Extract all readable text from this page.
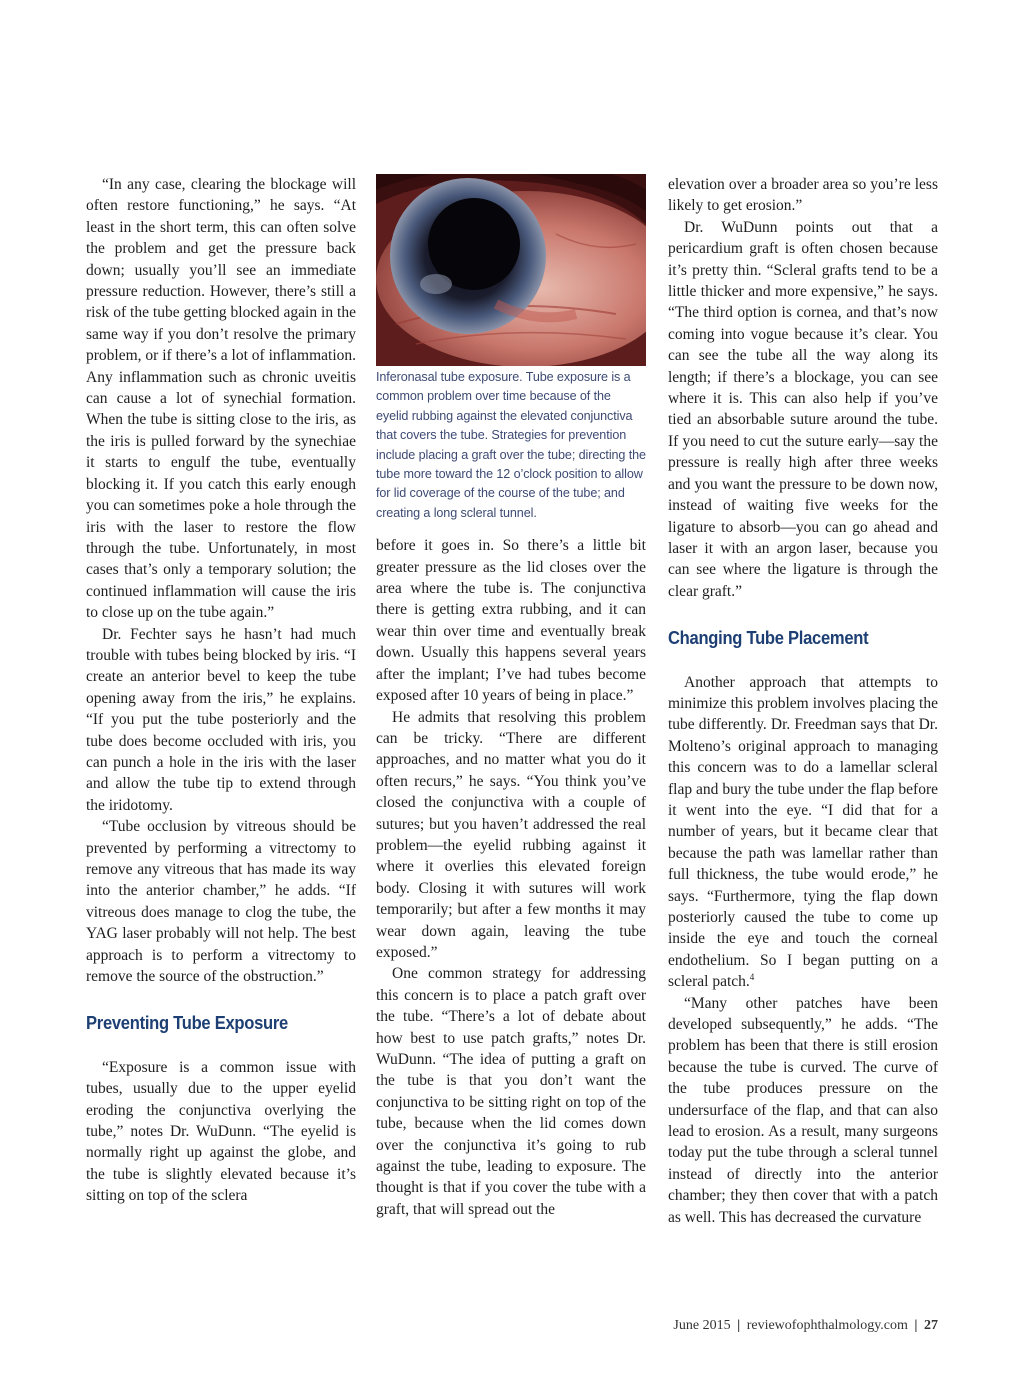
“In any case, clearing the blockage will often restore functioning,” he says. “At least in the short term, this can often solve the problem and get the pressure back down; usually you’ll see an immediate pressure reduction. However, there’s still a risk of the tube getting blocked again in the same way if you don’t resolve the primary problem, or if there’s a lot of inflammation. Any inflammation such as chronic uveitis can cause a lot of synechial formation. When the tube is sitting close to the iris, as the iris is pulled forward by the synechiae it starts to engulf the tube, eventually blocking it. If you catch this early enough you can sometimes poke a hole through the iris with the laser to restore the flow through the tube. Unfortunately, in most cases that’s only a temporary solution; the continued inflammation will cause the iris to close up on the tube again.”

Dr. Fechter says he hasn’t had much trouble with tubes being blocked by iris. “I create an anterior bevel to keep the tube opening away from the iris,” he explains. “If you put the tube posteriorly and the tube does become occluded with iris, you can punch a hole in the iris with the laser and allow the tube tip to extend through the iridotomy.

“Tube occlusion by vitreous should be prevented by performing a vitrectomy to remove any vitreous that has made its way into the anterior chamber,” he adds. “If vitreous does manage to clog the tube, the YAG laser probably will not help. The best approach is to perform a vitrectomy to remove the source of the obstruction.”

Preventing Tube Exposure

“Exposure is a common issue with tubes, usually due to the upper eyelid eroding the conjunctiva overlying the tube,” notes Dr. WuDunn. “The eyelid is normally right up against the globe, and the tube is slightly elevated because it’s sitting on top of the sclera

Inferonasal tube exposure. Tube exposure is a common problem over time because of the eyelid rubbing against the elevated conjunctiva that covers the tube. Strategies for prevention include placing a graft over the tube; directing the tube more toward the 12 o’clock position to allow for lid coverage of the course of the tube; and creating a long scleral tunnel.

before it goes in. So there’s a little bit greater pressure as the lid closes over the area where the tube is. The conjunctiva there is getting extra rubbing, and it can wear thin over time and eventually break down. Usually this happens several years after the implant; I’ve had tubes become exposed after 10 years of being in place.”

He admits that resolving this problem can be tricky. “There are different approaches, and no matter what you do it often recurs,” he says. “You think you’ve closed the conjunctiva with a couple of sutures; but you haven’t addressed the real problem—the eyelid rubbing against it where it overlies this elevated foreign body. Closing it with sutures will work temporarily; but after a few months it may wear down again, leaving the tube exposed.”

One common strategy for addressing this concern is to place a patch graft over the tube. “There’s a lot of debate about how best to use patch grafts,” notes Dr. WuDunn. “The idea of putting a graft on the tube is that you don’t want the conjunctiva to be sitting right on top of the tube, because when the lid comes down over the conjunctiva it’s going to rub against the tube, leading to exposure. The thought is that if you cover the tube with a graft, that will spread out the

elevation over a broader area so you’re less likely to get erosion.”

Dr. WuDunn points out that a pericardium graft is often chosen because it’s pretty thin. “Scleral grafts tend to be a little thicker and more expensive,” he says. “The third option is cornea, and that’s now coming into vogue because it’s clear. You can see the tube all the way along its length; if there’s a blockage, you can see where it is. This can also help if you’ve tied an absorbable suture around the tube. If you need to cut the suture early—say the pressure is really high after three weeks and you want the pressure to be down now, instead of waiting five weeks for the ligature to absorb—you can go ahead and laser it with an argon laser, because you can see where the ligature is through the clear graft.”

Changing Tube Placement

Another approach that attempts to minimize this problem involves placing the tube differently. Dr. Freedman says that Dr. Molteno’s original approach to managing this concern was to do a lamellar scleral flap and bury the tube under the flap before it went into the eye. “I did that for a number of years, but it became clear that because the path was lamellar rather than full thickness, the tube would erode,” he says. “Furthermore, tying the flap down posteriorly caused the tube to come up inside the eye and touch the corneal endothelium. So I began putting on a scleral patch.$^4$

“Many other patches have been developed subsequently,” he adds. “The problem has been that there is still erosion because the tube is curved. The curve of the tube produces pressure on the undersurface of the flap, and that can also lead to erosion. As a result, many surgeons today put the tube through a scleral tunnel instead of directly into the anterior chamber; they then cover that with a patch as well. This has decreased the curvature

June 2015 | reviewofophthalmology.com | 27
